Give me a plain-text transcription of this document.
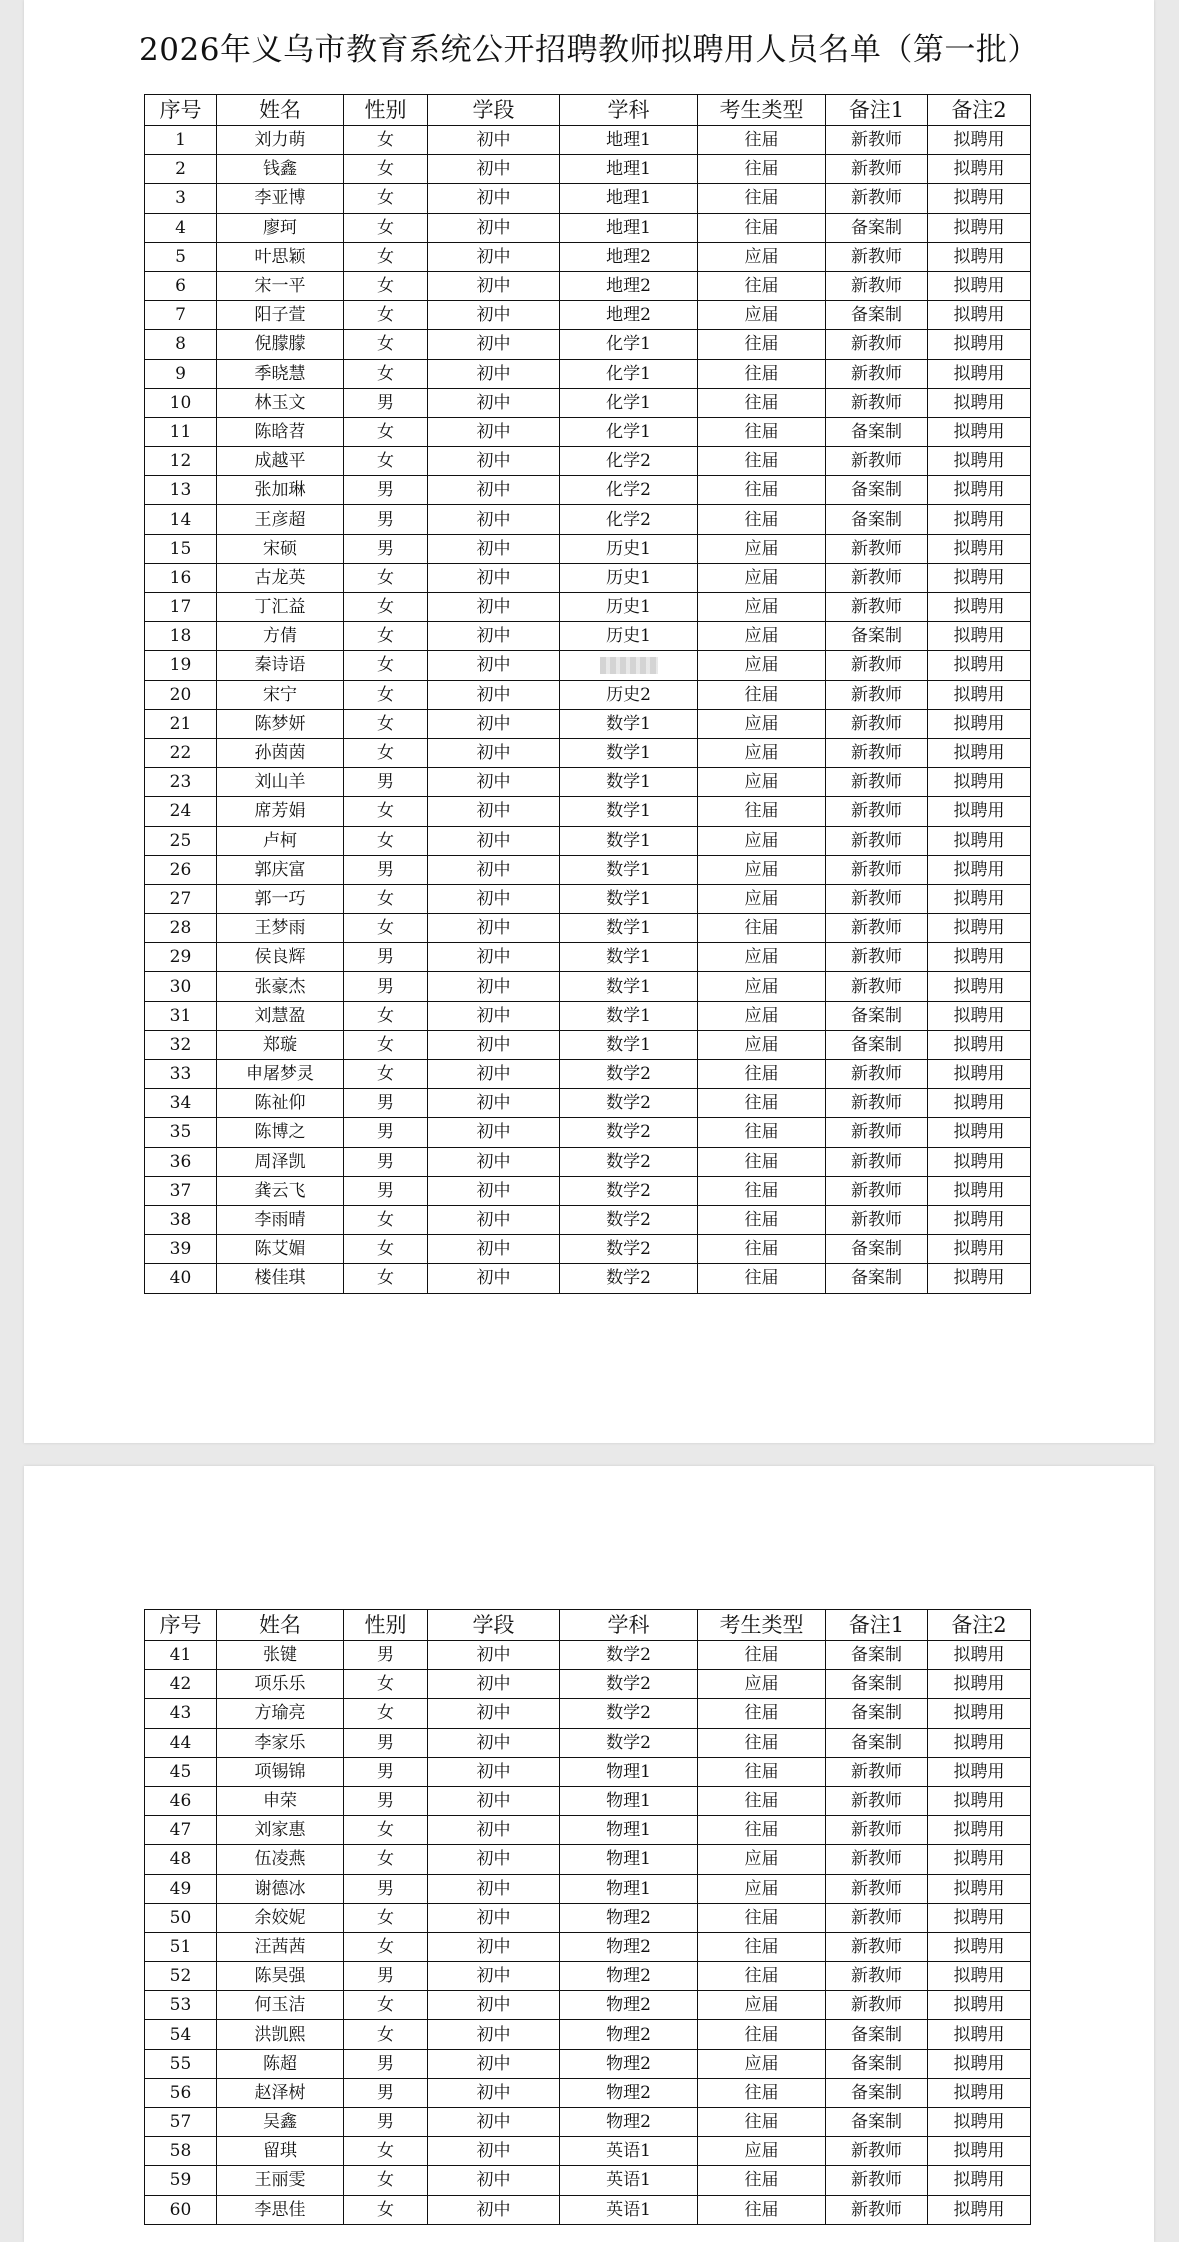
2026年义乌市教育系统公开招聘教师拟聘用人员名单（第一批）
序号	姓名	性别	学段	学科	考生类型	备注1	备注2
1	刘力萌	女	初中	地理1	往届	新教师	拟聘用
2	钱鑫	女	初中	地理1	往届	新教师	拟聘用
3	李亚博	女	初中	地理1	往届	新教师	拟聘用
4	廖珂	女	初中	地理1	往届	备案制	拟聘用
5	叶思颖	女	初中	地理2	应届	新教师	拟聘用
6	宋一平	女	初中	地理2	往届	新教师	拟聘用
7	阳子萱	女	初中	地理2	应届	备案制	拟聘用
8	倪朦朦	女	初中	化学1	往届	新教师	拟聘用
9	季晓慧	女	初中	化学1	往届	新教师	拟聘用
10	林玉文	男	初中	化学1	往届	新教师	拟聘用
11	陈晗苕	女	初中	化学1	往届	备案制	拟聘用
12	成越平	女	初中	化学2	往届	新教师	拟聘用
13	张加琳	男	初中	化学2	往届	备案制	拟聘用
14	王彦超	男	初中	化学2	往届	备案制	拟聘用
15	宋硕	男	初中	历史1	应届	新教师	拟聘用
16	古龙英	女	初中	历史1	应届	新教师	拟聘用
17	丁汇益	女	初中	历史1	应届	新教师	拟聘用
18	方倩	女	初中	历史1	应届	备案制	拟聘用
19	秦诗语	女	初中		应届	新教师	拟聘用
20	宋宁	女	初中	历史2	往届	新教师	拟聘用
21	陈梦妍	女	初中	数学1	应届	新教师	拟聘用
22	孙茵茵	女	初中	数学1	应届	新教师	拟聘用
23	刘山羊	男	初中	数学1	应届	新教师	拟聘用
24	席芳娟	女	初中	数学1	往届	新教师	拟聘用
25	卢柯	女	初中	数学1	应届	新教师	拟聘用
26	郭庆富	男	初中	数学1	应届	新教师	拟聘用
27	郭一巧	女	初中	数学1	应届	新教师	拟聘用
28	王梦雨	女	初中	数学1	往届	新教师	拟聘用
29	侯良辉	男	初中	数学1	应届	新教师	拟聘用
30	张豪杰	男	初中	数学1	应届	新教师	拟聘用
31	刘慧盈	女	初中	数学1	应届	备案制	拟聘用
32	郑璇	女	初中	数学1	应届	备案制	拟聘用
33	申屠梦灵	女	初中	数学2	往届	新教师	拟聘用
34	陈祉仰	男	初中	数学2	往届	新教师	拟聘用
35	陈博之	男	初中	数学2	往届	新教师	拟聘用
36	周泽凯	男	初中	数学2	往届	新教师	拟聘用
37	龚云飞	男	初中	数学2	往届	新教师	拟聘用
38	李雨晴	女	初中	数学2	往届	新教师	拟聘用
39	陈艾媚	女	初中	数学2	往届	备案制	拟聘用
40	楼佳琪	女	初中	数学2	往届	备案制	拟聘用
序号	姓名	性别	学段	学科	考生类型	备注1	备注2
41	张键	男	初中	数学2	往届	备案制	拟聘用
42	项乐乐	女	初中	数学2	应届	备案制	拟聘用
43	方瑜亮	女	初中	数学2	往届	备案制	拟聘用
44	李家乐	男	初中	数学2	往届	备案制	拟聘用
45	项锡锦	男	初中	物理1	往届	新教师	拟聘用
46	申荣	男	初中	物理1	往届	新教师	拟聘用
47	刘家惠	女	初中	物理1	往届	新教师	拟聘用
48	伍凌燕	女	初中	物理1	应届	新教师	拟聘用
49	谢德冰	男	初中	物理1	应届	新教师	拟聘用
50	余姣妮	女	初中	物理2	往届	新教师	拟聘用
51	汪茜茜	女	初中	物理2	往届	新教师	拟聘用
52	陈昊强	男	初中	物理2	往届	新教师	拟聘用
53	何玉洁	女	初中	物理2	应届	新教师	拟聘用
54	洪凯熙	女	初中	物理2	往届	备案制	拟聘用
55	陈超	男	初中	物理2	应届	备案制	拟聘用
56	赵泽树	男	初中	物理2	往届	备案制	拟聘用
57	吴鑫	男	初中	物理2	往届	备案制	拟聘用
58	留琪	女	初中	英语1	应届	新教师	拟聘用
59	王丽雯	女	初中	英语1	往届	新教师	拟聘用
60	李思佳	女	初中	英语1	往届	新教师	拟聘用
